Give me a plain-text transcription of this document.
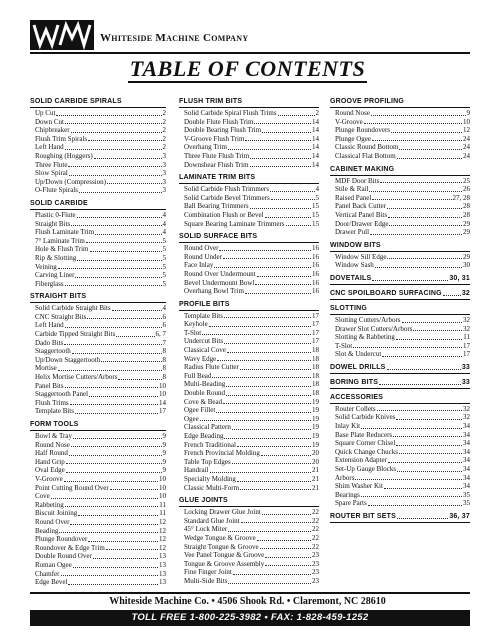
Whiteside Machine Company
TABLE OF CONTENTS
SOLID CARBIDE SPIRALS
Up Cut	2
Down Cut	2
Chipbreaker	2
Flush Trim Spirals	2
Left Hand	2
Roughing (Hoggers)	3
Three Flute	3
Slow Spiral	3
Up/Down (Compression)	3
O-Flute Spirals	3
SOLID CARBIDE
Plastic 0-Flute	4
Straight Bits	4
Flush Laminate Trim	4
7° Laminate Trim	5
Hole & Flush Trim	5
Rip & Slotting	5
Veining	5
Carving Liner	5
Fiberglass	5
STRAIGHT BITS
Solid Carbide Straight Bits	4
CNC Straight Bits	6
Left Hand	6
Carbide Tipped Straight Bits	6, 7
Dado Bits	7
Staggertooth	8
Up/Down Staggertooth	8
Mortise	8
Helix Mortise Cutters/Arbors	8
Panel Bits	10
Staggertooth Panel	10
Flush Trims	14
Template Bits	17
FORM TOOLS
Bowl & Tray	9
Round Nose	9
Half Round	9
Hand Grip	9
Oval Edge	9
V-Groove	10
Point Cutting Round Over	10
Cove	10
Rabbeting	11
Biscuit Joining	11
Round Over	12
Beading	12
Plunge Roundover	12
Roundover & Edge Trim	12
Double Round Over	13
Roman Ogee	13
Chamfer	13
Edge Bevel	13
FLUSH TRIM BITS
Solid Carbide Spiral Flush Trims	2
Double Flute Flush Trim	14
Double Bearing Flush Trim	14
V-Groove Flush Trim	14
Overhang Trim	14
Three Flute Flush Trim	14
Downshear Flush Trim	14
LAMINATE TRIM BITS
Solid Carbide Flush Trimmers	4
Solid Carbide Bevel Trimmers	5
Ball Bearing Trimmers	15
Combination Flush or Bevel	15
Square Bearing Laminate Trimmers	15
SOLID SURFACE BITS
Round Over	16
Round Under	16
Face Inlay	16
Round Over Undermount	16
Bevel Undermount Bowl	16
Overhang Bowl Trim	16
PROFILE BITS
Template Bits	17
Keyhole	17
T-Slot	17
Undercut Bits	17
Classical Cove	18
Wavy Edge	18
Radius Flute Cutter	18
Full Bead	18
Multi-Beading	18
Double Round	18
Cove & Bead	19
Ogee Fillet	19
Ogee	19
Classical Pattern	19
Edge Beading	19
French Traditional	19
French Provincial Molding	20
Table Top Edges	20
Handrail	21
Specialty Molding	21
Classic Multi-Form	21
GLUE JOINTS
Locking Drawer Glue Joint	22
Standard Glue Joint	22
45° Lock Miter	22
Wedge Tongue & Groove	22
Straight Tongue & Groove	22
Vee Panel Tongue & Groove	23
Tongue & Groove Assembly	23
Fine Finger Joint	23
Multi-Side Bits	23
GROOVE PROFILING
Round Nose	9
V-Groove	10
Plunge Roundovers	12
Plunge Ogee	24
Classic Round Bottom	24
Classical Flat Bottom	24
CABINET MAKING
MDF Door Bits	25
Stile & Rail	26
Raised Panel	27, 28
Panel Back Cutter	28
Vertical Panel Bits	28
Door/Drawer Edge	29
Drawer Pull	29
WINDOW BITS
Window Sill Edge	29
Window Sash	30
DOVETAILS	30, 31
CNC SPOILBOARD SURFACING	32
SLOTTING
Slotting Cutters/Arbors	32
Drawer Slot Cutters/Arbors	32
Slotting & Rabbeting	11
T-Slot	17
Slot & Undercut	17
DOWEL DRILLS	33
BORING BITS	33
ACCESSORIES
Router Collets	32
Solid Carbide Knives	32
Inlay Kit	34
Base Plate Reducers	34
Square Corner Chisel	34
Quick Change Chucks	34
Extension Adapter	34
Set-Up Gauge Blocks	34
Arbors	34
Shim Washer Kit	34
Bearings	35
Spare Parts	35
ROUTER BIT SETS	36, 37
Whiteside Machine Co. • 4506 Shook Rd. • Claremont, NC 28610
TOLL FREE 1-800-225-3982 • FAX: 1-828-459-1252
